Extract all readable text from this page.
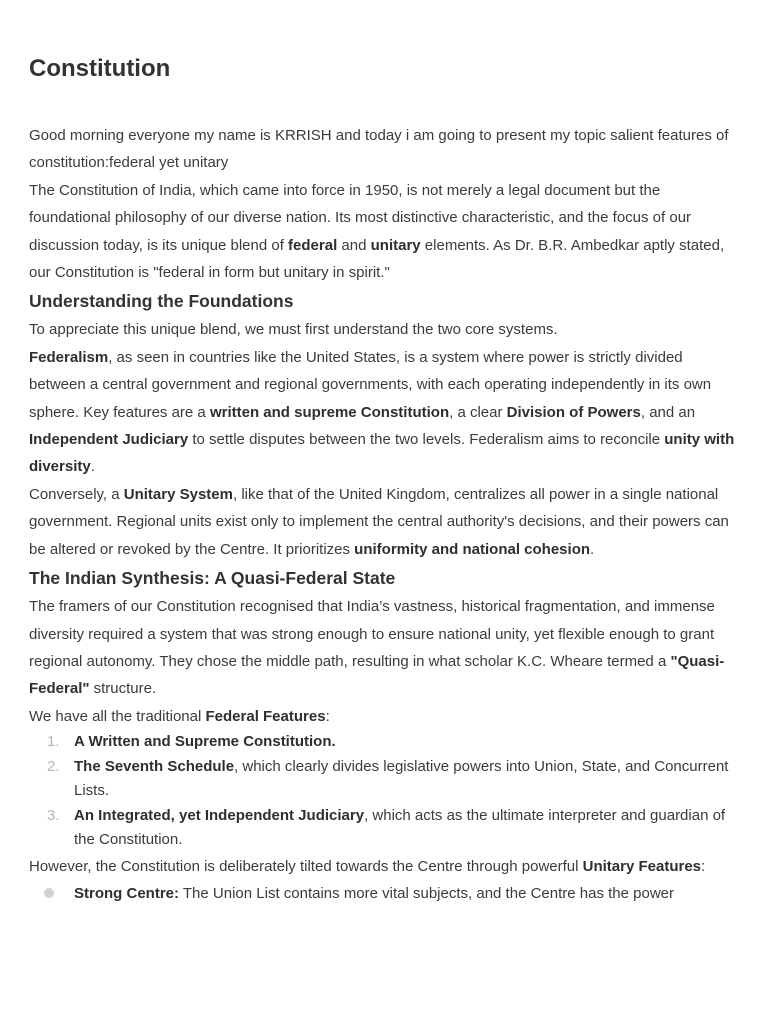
Constitution

Good morning everyone my name is KRRISH and today i am going to present my topic salient features of constitution:federal yet unitary

The Constitution of India, which came into force in 1950, is not merely a legal document but the foundational philosophy of our diverse nation. Its most distinctive characteristic, and the focus of our discussion today, is its unique blend of federal and unitary elements. As Dr. B.R. Ambedkar aptly stated, our Constitution is "federal in form but unitary in spirit."

Understanding the Foundations

To appreciate this unique blend, we must first understand the two core systems.

Federalism, as seen in countries like the United States, is a system where power is strictly divided between a central government and regional governments, with each operating independently in its own sphere. Key features are a written and supreme Constitution, a clear Division of Powers, and an Independent Judiciary to settle disputes between the two levels. Federalism aims to reconcile unity with diversity.

Conversely, a Unitary System, like that of the United Kingdom, centralizes all power in a single national government. Regional units exist only to implement the central authority's decisions, and their powers can be altered or revoked by the Centre. It prioritizes uniformity and national cohesion.

The Indian Synthesis: A Quasi-Federal State

The framers of our Constitution recognised that India’s vastness, historical fragmentation, and immense diversity required a system that was strong enough to ensure national unity, yet flexible enough to grant regional autonomy. They chose the middle path, resulting in what scholar K.C. Wheare termed a "Quasi-Federal" structure.

We have all the traditional Federal Features:

1. A Written and Supreme Constitution.
2. The Seventh Schedule, which clearly divides legislative powers into Union, State, and Concurrent Lists.
3. An Integrated, yet Independent Judiciary, which acts as the ultimate interpreter and guardian of the Constitution.

However, the Constitution is deliberately tilted towards the Centre through powerful Unitary Features:

Strong Centre: The Union List contains more vital subjects, and the Centre has the power
